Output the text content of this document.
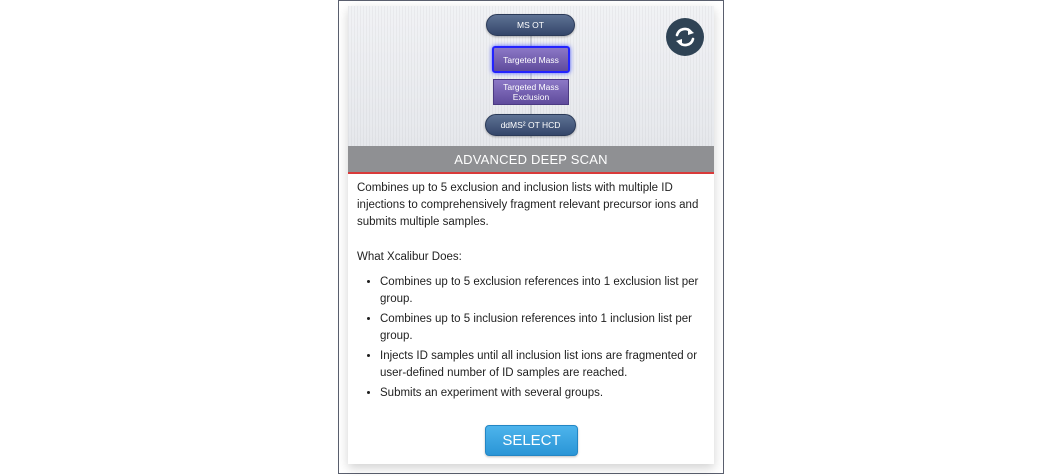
MS OT
Targeted Mass
Targeted Mass Exclusion
ddMS² OT HCD
ADVANCED DEEP SCAN

Combines up to 5 exclusion and inclusion lists with multiple ID injections to comprehensively fragment relevant precursor ions and submits multiple samples.

What Xcalibur Does:
• Combines up to 5 exclusion references into 1 exclusion list per group.
• Combines up to 5 inclusion references into 1 inclusion list per group.
• Injects ID samples until all inclusion list ions are fragmented or user-defined number of ID samples are reached.
• Submits an experiment with several groups.
SELECT
